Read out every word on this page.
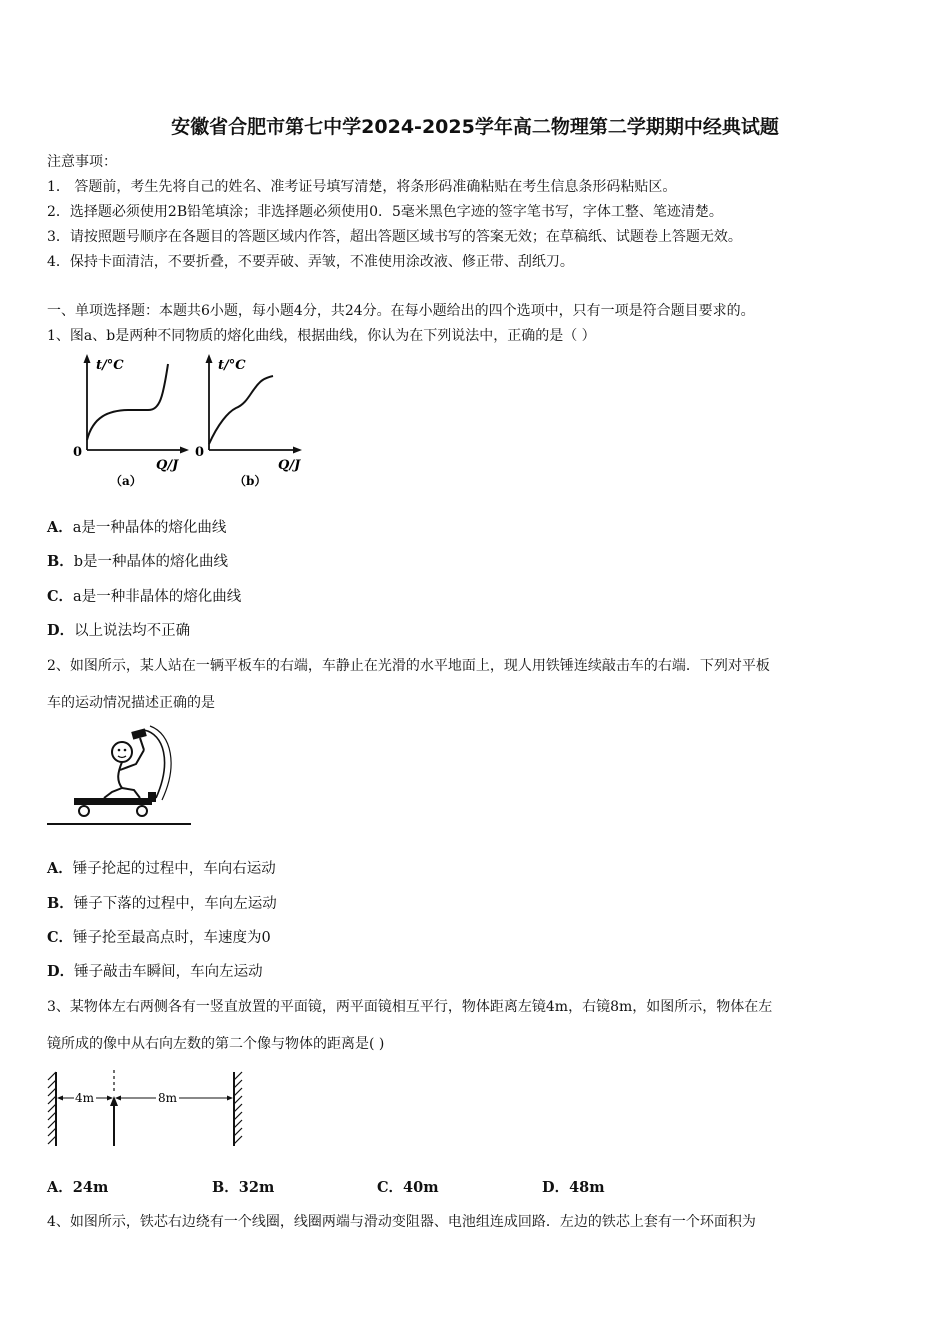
安徽省合肥市第七中学2024-2025学年高二物理第二学期期中经典试题
注意事项：
1． 答题前，考生先将自己的姓名、准考证号填写清楚，将条形码准确粘贴在考生信息条形码粘贴区。
2．选择题必须使用2B铅笔填涂；非选择题必须使用0．5毫米黑色字迹的签字笔书写，字体工整、笔迹清楚。
3．请按照题号顺序在各题目的答题区域内作答，超出答题区域书写的答案无效；在草稿纸、试题卷上答题无效。
4．保持卡面清洁，不要折叠，不要弄破、弄皱，不准使用涂改液、修正带、刮纸刀。
一、单项选择题：本题共6小题，每小题4分，共24分。在每小题给出的四个选项中，只有一项是符合题目要求的。
1、图a、b是两种不同物质的熔化曲线，根据曲线，你认为在下列说法中，正确的是（ ）
t/°C
0
Q/J
（a）
t/°C
0
Q/J
（b）
A．a是一种晶体的熔化曲线
B．b是一种晶体的熔化曲线
C．a是一种非晶体的熔化曲线
D．以上说法均不正确
2、如图所示，某人站在一辆平板车的右端，车静止在光滑的水平地面上，现人用铁锤连续敲击车的右端．下列对平板
车的运动情况描述正确的是
A．锤子抡起的过程中，车向右运动
B．锤子下落的过程中，车向左运动
C．锤子抡至最高点时，车速度为0
D．锤子敲击车瞬间，车向左运动
3、某物体左右两侧各有一竖直放置的平面镜，两平面镜相互平行，物体距离左镜4m，右镜8m，如图所示，物体在左
镜所成的像中从右向左数的第二个像与物体的距离是( )
4m	8m
A．24m	B．32m	C．40m	D．48m
4、如图所示，铁芯右边绕有一个线圈，线圈两端与滑动变阻器、电池组连成回路．左边的铁芯上套有一个环面积为
